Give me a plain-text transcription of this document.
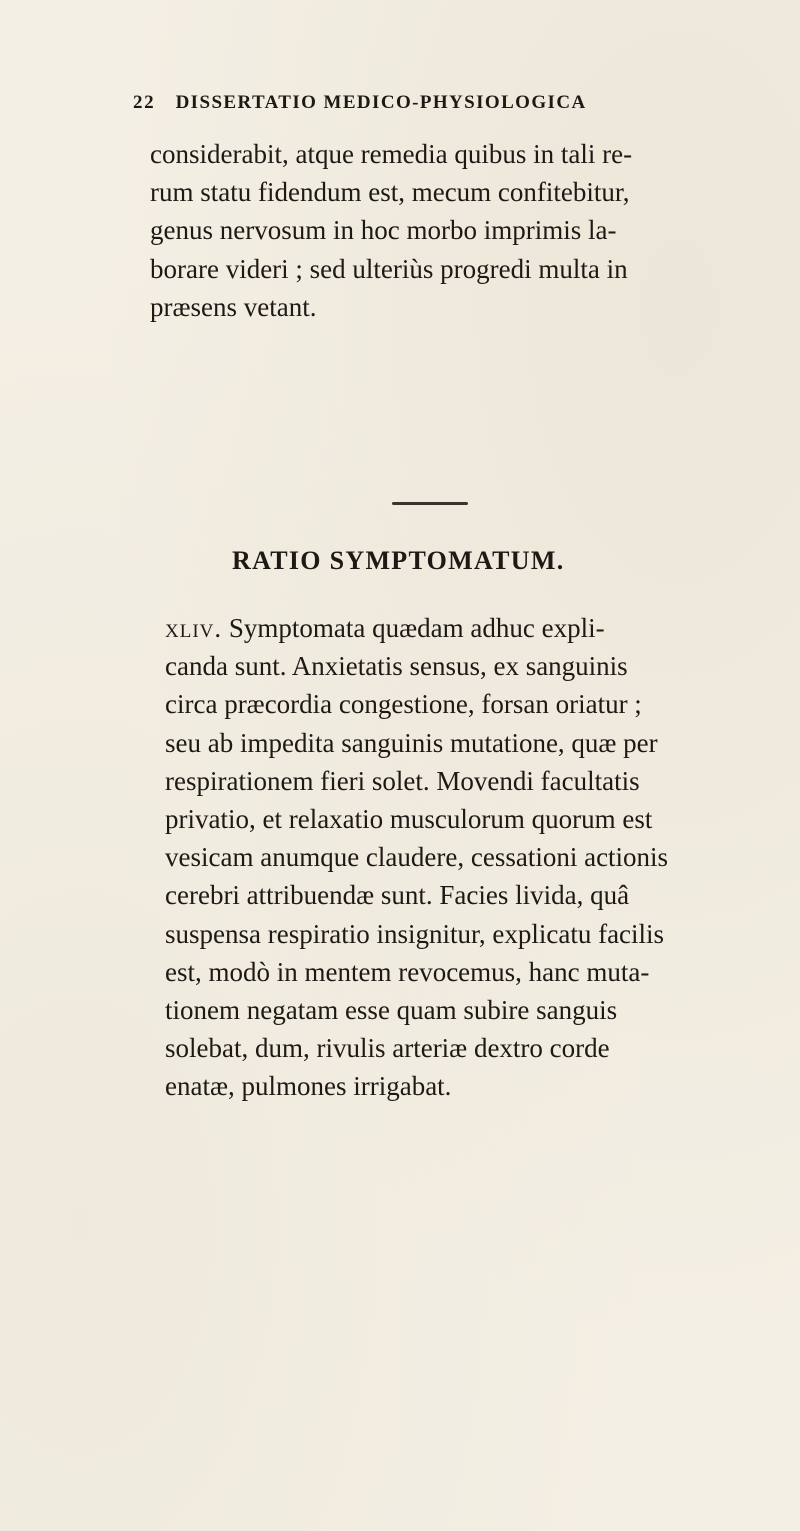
22 DISSERTATIO MEDICO-PHYSIOLOGICA
considerabit, atque remedia quibus in tali re-
rum statu fidendum est, mecum confitebitur,
genus nervosum in hoc morbo imprimis la-
borare videri ; sed ulteriùs progredi multa in
præsens vetant.
RATIO SYMPTOMATUM.
xliv. Symptomata quædam adhuc expli-
canda sunt. Anxietatis sensus, ex sanguinis
circa præcordia congestione, forsan oriatur ;
seu ab impedita sanguinis mutatione, quæ per
respirationem fieri solet. Movendi facultatis
privatio, et relaxatio musculorum quorum est
vesicam anumque claudere, cessationi actionis
cerebri attribuendæ sunt. Facies livida, quâ
suspensa respiratio insignitur, explicatu facilis
est, modò in mentem revocemus, hanc muta-
tionem negatam esse quam subire sanguis
solebat, dum, rivulis arteriæ dextro corde
enatæ, pulmones irrigabat.
